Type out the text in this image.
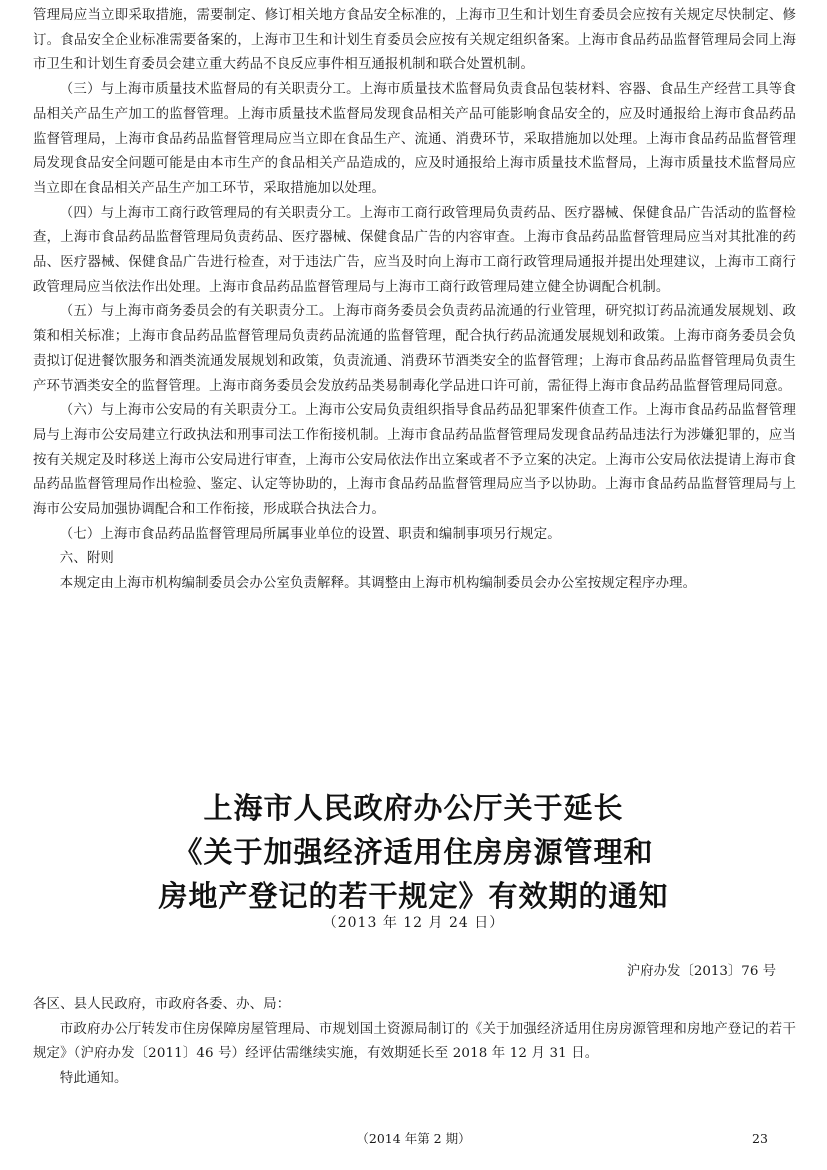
管理局应当立即采取措施，需要制定、修订相关地方食品安全标准的，上海市卫生和计划生育委员会应按有关规定尽快制定、修订。食品安全企业标准需要备案的，上海市卫生和计划生育委员会应按有关规定组织备案。上海市食品药品监督管理局会同上海市卫生和计划生育委员会建立重大药品不良反应事件相互通报机制和联合处置机制。

（三）与上海市质量技术监督局的有关职责分工。上海市质量技术监督局负责食品包装材料、容器、食品生产经营工具等食品相关产品生产加工的监督管理。上海市质量技术监督局发现食品相关产品可能影响食品安全的，应及时通报给上海市食品药品监督管理局，上海市食品药品监督管理局应当立即在食品生产、流通、消费环节，采取措施加以处理。上海市食品药品监督管理局发现食品安全问题可能是由本市生产的食品相关产品造成的，应及时通报给上海市质量技术监督局，上海市质量技术监督局应当立即在食品相关产品生产加工环节，采取措施加以处理。

（四）与上海市工商行政管理局的有关职责分工。上海市工商行政管理局负责药品、医疗器械、保健食品广告活动的监督检查，上海市食品药品监督管理局负责药品、医疗器械、保健食品广告的内容审查。上海市食品药品监督管理局应当对其批准的药品、医疗器械、保健食品广告进行检查，对于违法广告，应当及时向上海市工商行政管理局通报并提出处理建议，上海市工商行政管理局应当依法作出处理。上海市食品药品监督管理局与上海市工商行政管理局建立健全协调配合机制。

（五）与上海市商务委员会的有关职责分工。上海市商务委员会负责药品流通的行业管理，研究拟订药品流通发展规划、政策和相关标准；上海市食品药品监督管理局负责药品流通的监督管理，配合执行药品流通发展规划和政策。上海市商务委员会负责拟订促进餐饮服务和酒类流通发展规划和政策，负责流通、消费环节酒类安全的监督管理；上海市食品药品监督管理局负责生产环节酒类安全的监督管理。上海市商务委员会发放药品类易制毒化学品进口许可前，需征得上海市食品药品监督管理局同意。

（六）与上海市公安局的有关职责分工。上海市公安局负责组织指导食品药品犯罪案件侦查工作。上海市食品药品监督管理局与上海市公安局建立行政执法和刑事司法工作衔接机制。上海市食品药品监督管理局发现食品药品违法行为涉嫌犯罪的，应当按有关规定及时移送上海市公安局进行审查，上海市公安局依法作出立案或者不予立案的决定。上海市公安局依法提请上海市食品药品监督管理局作出检验、鉴定、认定等协助的，上海市食品药品监督管理局应当予以协助。上海市食品药品监督管理局与上海市公安局加强协调配合和工作衔接，形成联合执法合力。

（七）上海市食品药品监督管理局所属事业单位的设置、职责和编制事项另行规定。

六、附则

本规定由上海市机构编制委员会办公室负责解释。其调整由上海市机构编制委员会办公室按规定程序办理。

上海市人民政府办公厅关于延长
《关于加强经济适用住房房源管理和
房地产登记的若干规定》有效期的通知
（2013 年 12 月 24 日）
沪府办发〔2013〕76 号

各区、县人民政府，市政府各委、办、局：

市政府办公厅转发市住房保障房屋管理局、市规划国土资源局制订的《关于加强经济适用住房房源管理和房地产登记的若干规定》（沪府办发〔2011〕46 号）经评估需继续实施，有效期延长至 2018 年 12 月 31 日。

特此通知。

（2014 年第 2 期）	23
